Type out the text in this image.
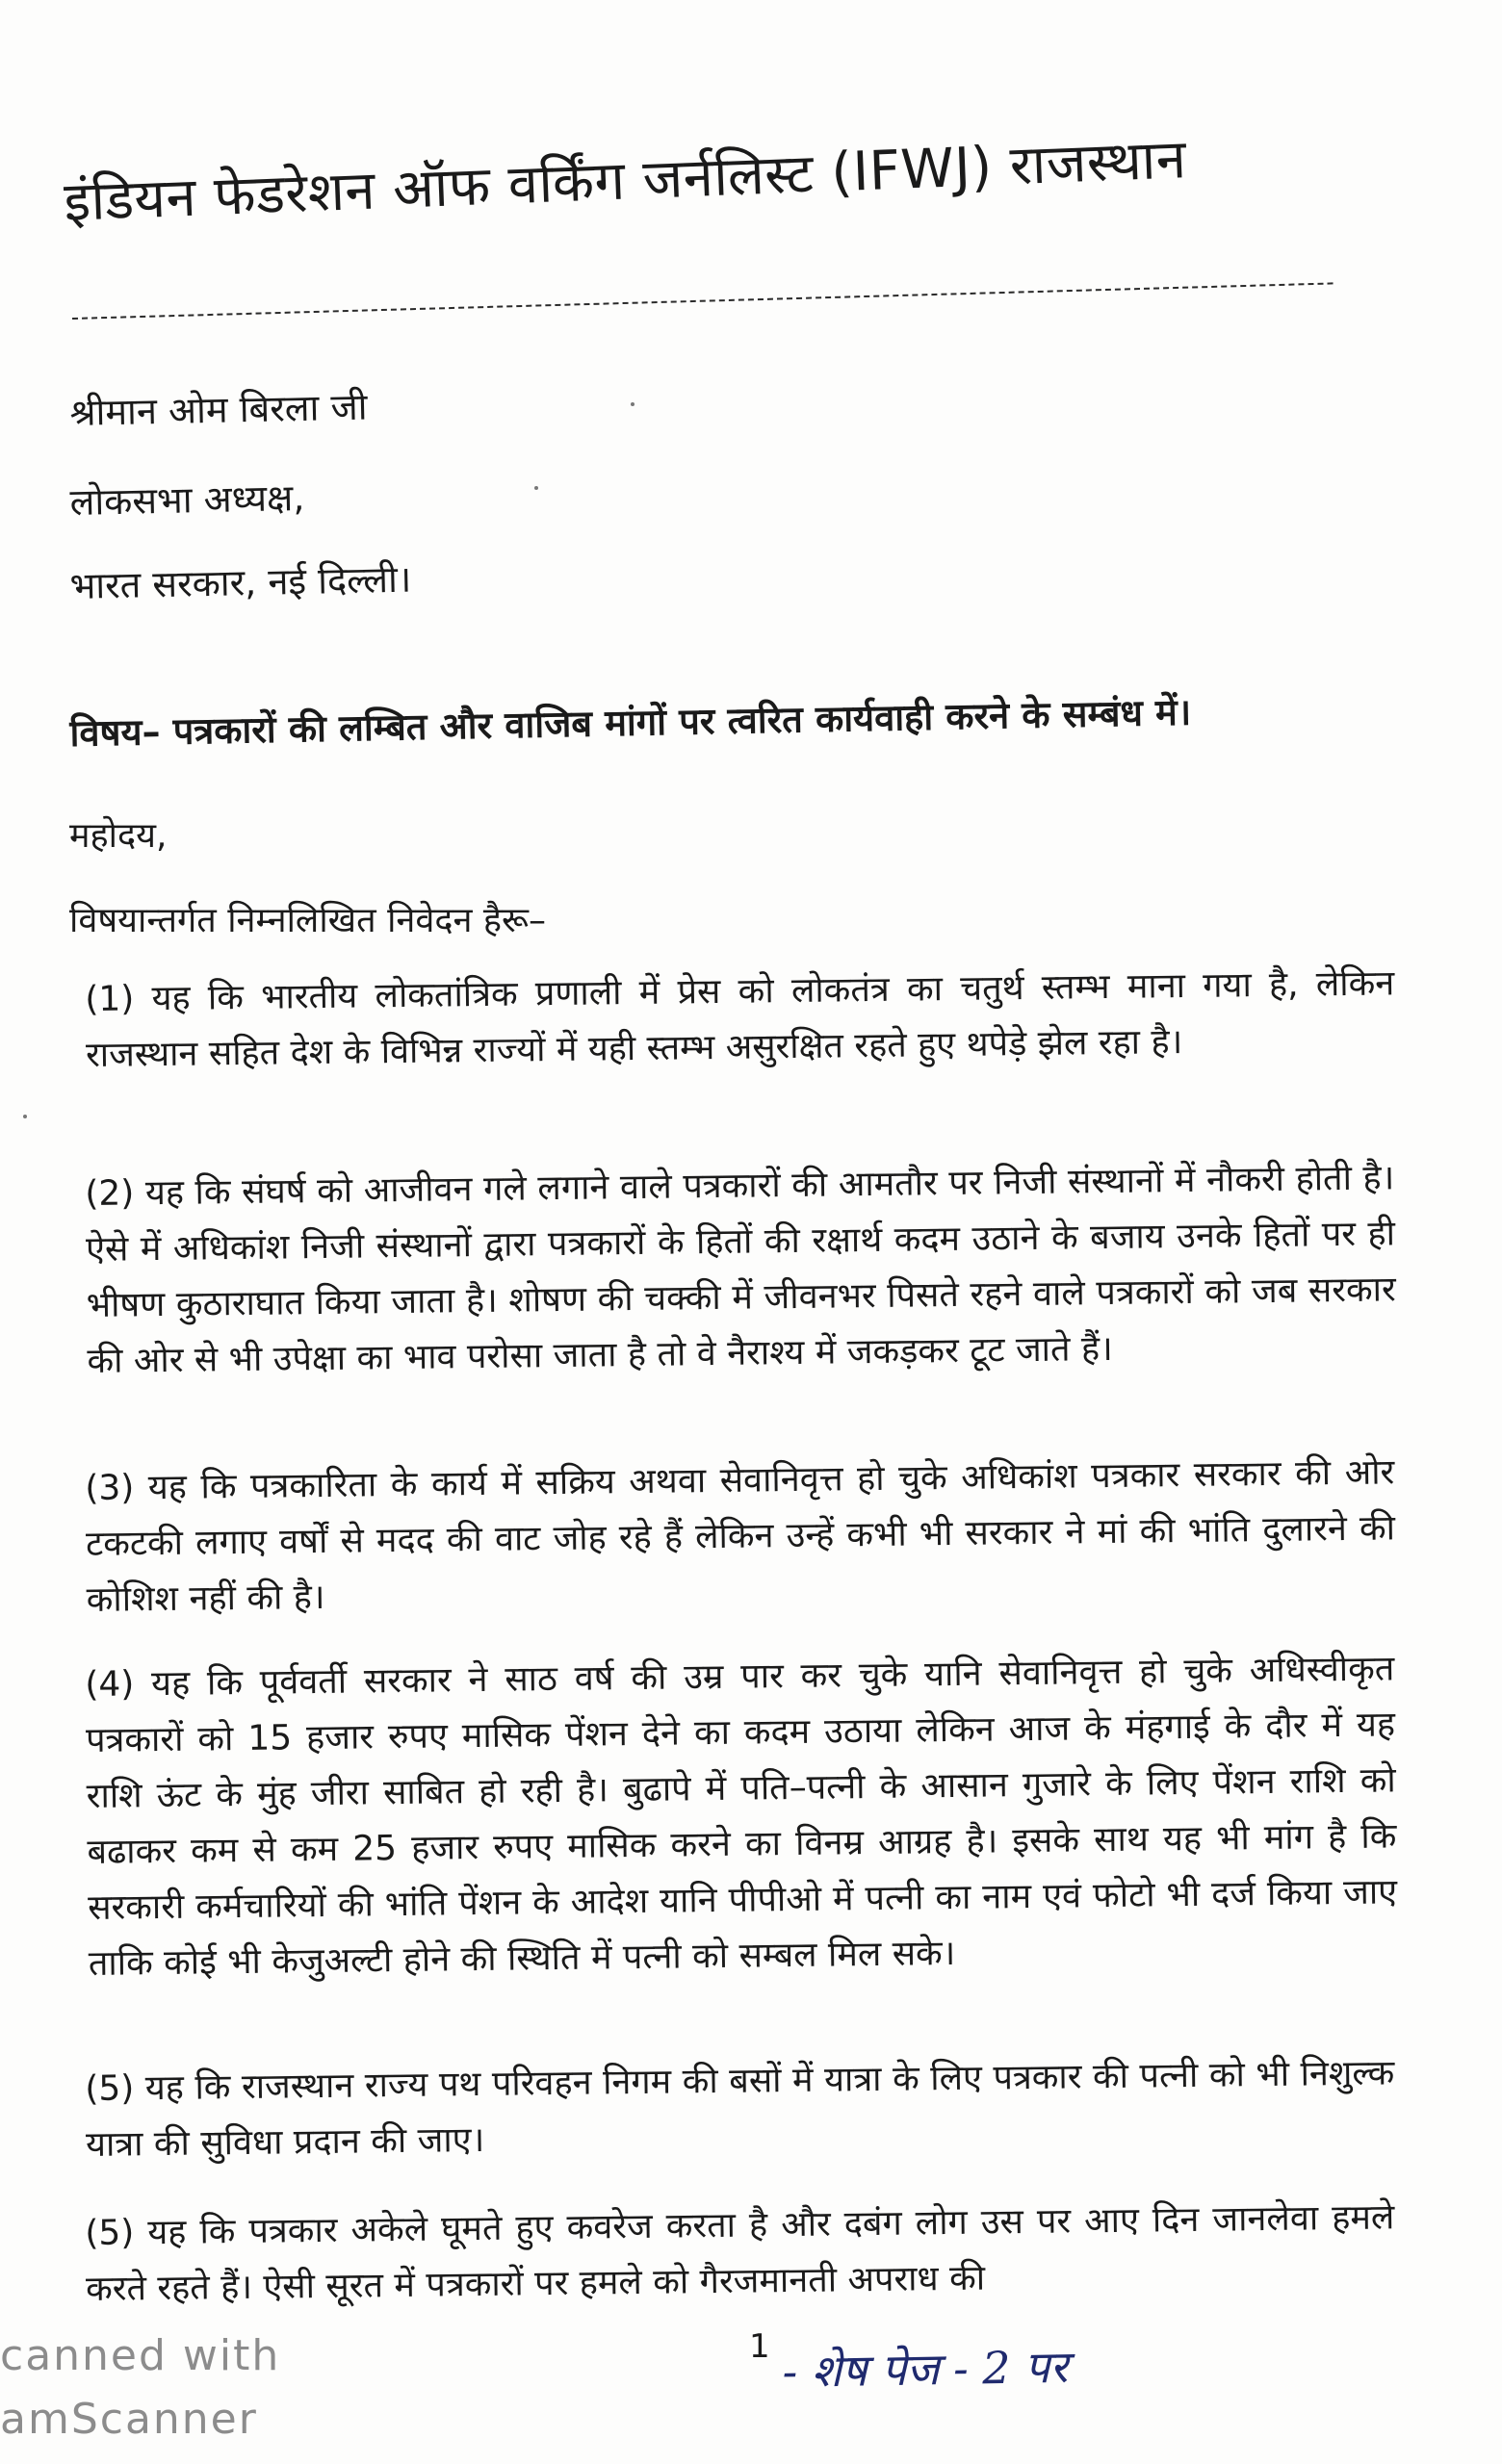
इंडियन फेडरेशन ऑफ वर्किंग जर्नलिस्ट (IFWJ) राजस्थान
श्रीमान ओम बिरला जी
लोकसभा अध्यक्ष,
भारत सरकार, नई दिल्ली।
विषय– पत्रकारों की लम्बित और वाजिब मांगों पर त्वरित कार्यवाही करने के सम्बंध में।
महोदय,
विषयान्तर्गत निम्नलिखित निवेदन हैरू–
(1) यह कि भारतीय लोकतांत्रिक प्रणाली में प्रेस को लोकतंत्र का चतुर्थ स्तम्भ माना गया है, लेकिन राजस्थान सहित देश के विभिन्न राज्यों में यही स्तम्भ असुरक्षित रहते हुए थपेड़े झेल रहा है।
(2) यह कि संघर्ष को आजीवन गले लगाने वाले पत्रकारों की आमतौर पर निजी संस्थानों में नौकरी होती है। ऐसे में अधिकांश निजी संस्थानों द्वारा पत्रकारों के हितों की रक्षार्थ कदम उठाने के बजाय उनके हितों पर ही भीषण कुठाराघात किया जाता है। शोषण की चक्की में जीवनभर पिसते रहने वाले पत्रकारों को जब सरकार की ओर से भी उपेक्षा का भाव परोसा जाता है तो वे नैराश्य में जकड़कर टूट जाते हैं।
(3) यह कि पत्रकारिता के कार्य में सक्रिय अथवा सेवानिवृत्त हो चुके अधिकांश पत्रकार सरकार की ओर टकटकी लगाए वर्षों से मदद की वाट जोह रहे हैं लेकिन उन्हें कभी भी सरकार ने मां की भांति दुलारने की कोशिश नहीं की है।
(4) यह कि पूर्ववर्ती सरकार ने साठ वर्ष की उम्र पार कर चुके यानि सेवानिवृत्त हो चुके अधिस्वीकृत पत्रकारों को 15 हजार रुपए मासिक पेंशन देने का कदम उठाया लेकिन आज के मंहगाई के दौर में यह राशि ऊंट के मुंह जीरा साबित हो रही है। बुढापे में पति–पत्नी के आसान गुजारे के लिए पेंशन राशि को बढाकर कम से कम 25 हजार रुपए मासिक करने का विनम्र आग्रह है। इसके साथ यह भी मांग है कि सरकारी कर्मचारियों की भांति पेंशन के आदेश यानि पीपीओ में पत्नी का नाम एवं फोटो भी दर्ज किया जाए ताकि कोई भी केजुअल्टी होने की स्थिति में पत्नी को सम्बल मिल सके।
(5) यह कि राजस्थान राज्य पथ परिवहन निगम की बसों में यात्रा के लिए पत्रकार की पत्नी को भी निशुल्क यात्रा की सुविधा प्रदान की जाए।
(5) यह कि पत्रकार अकेले घूमते हुए कवरेज करता है और दबंग लोग उस पर आए दिन जानलेवा हमले करते रहते हैं। ऐसी सूरत में पत्रकारों पर हमले को गैरजमानती अपराध की
canned with
amScanner
1 - शेष पेज - 2 पर
